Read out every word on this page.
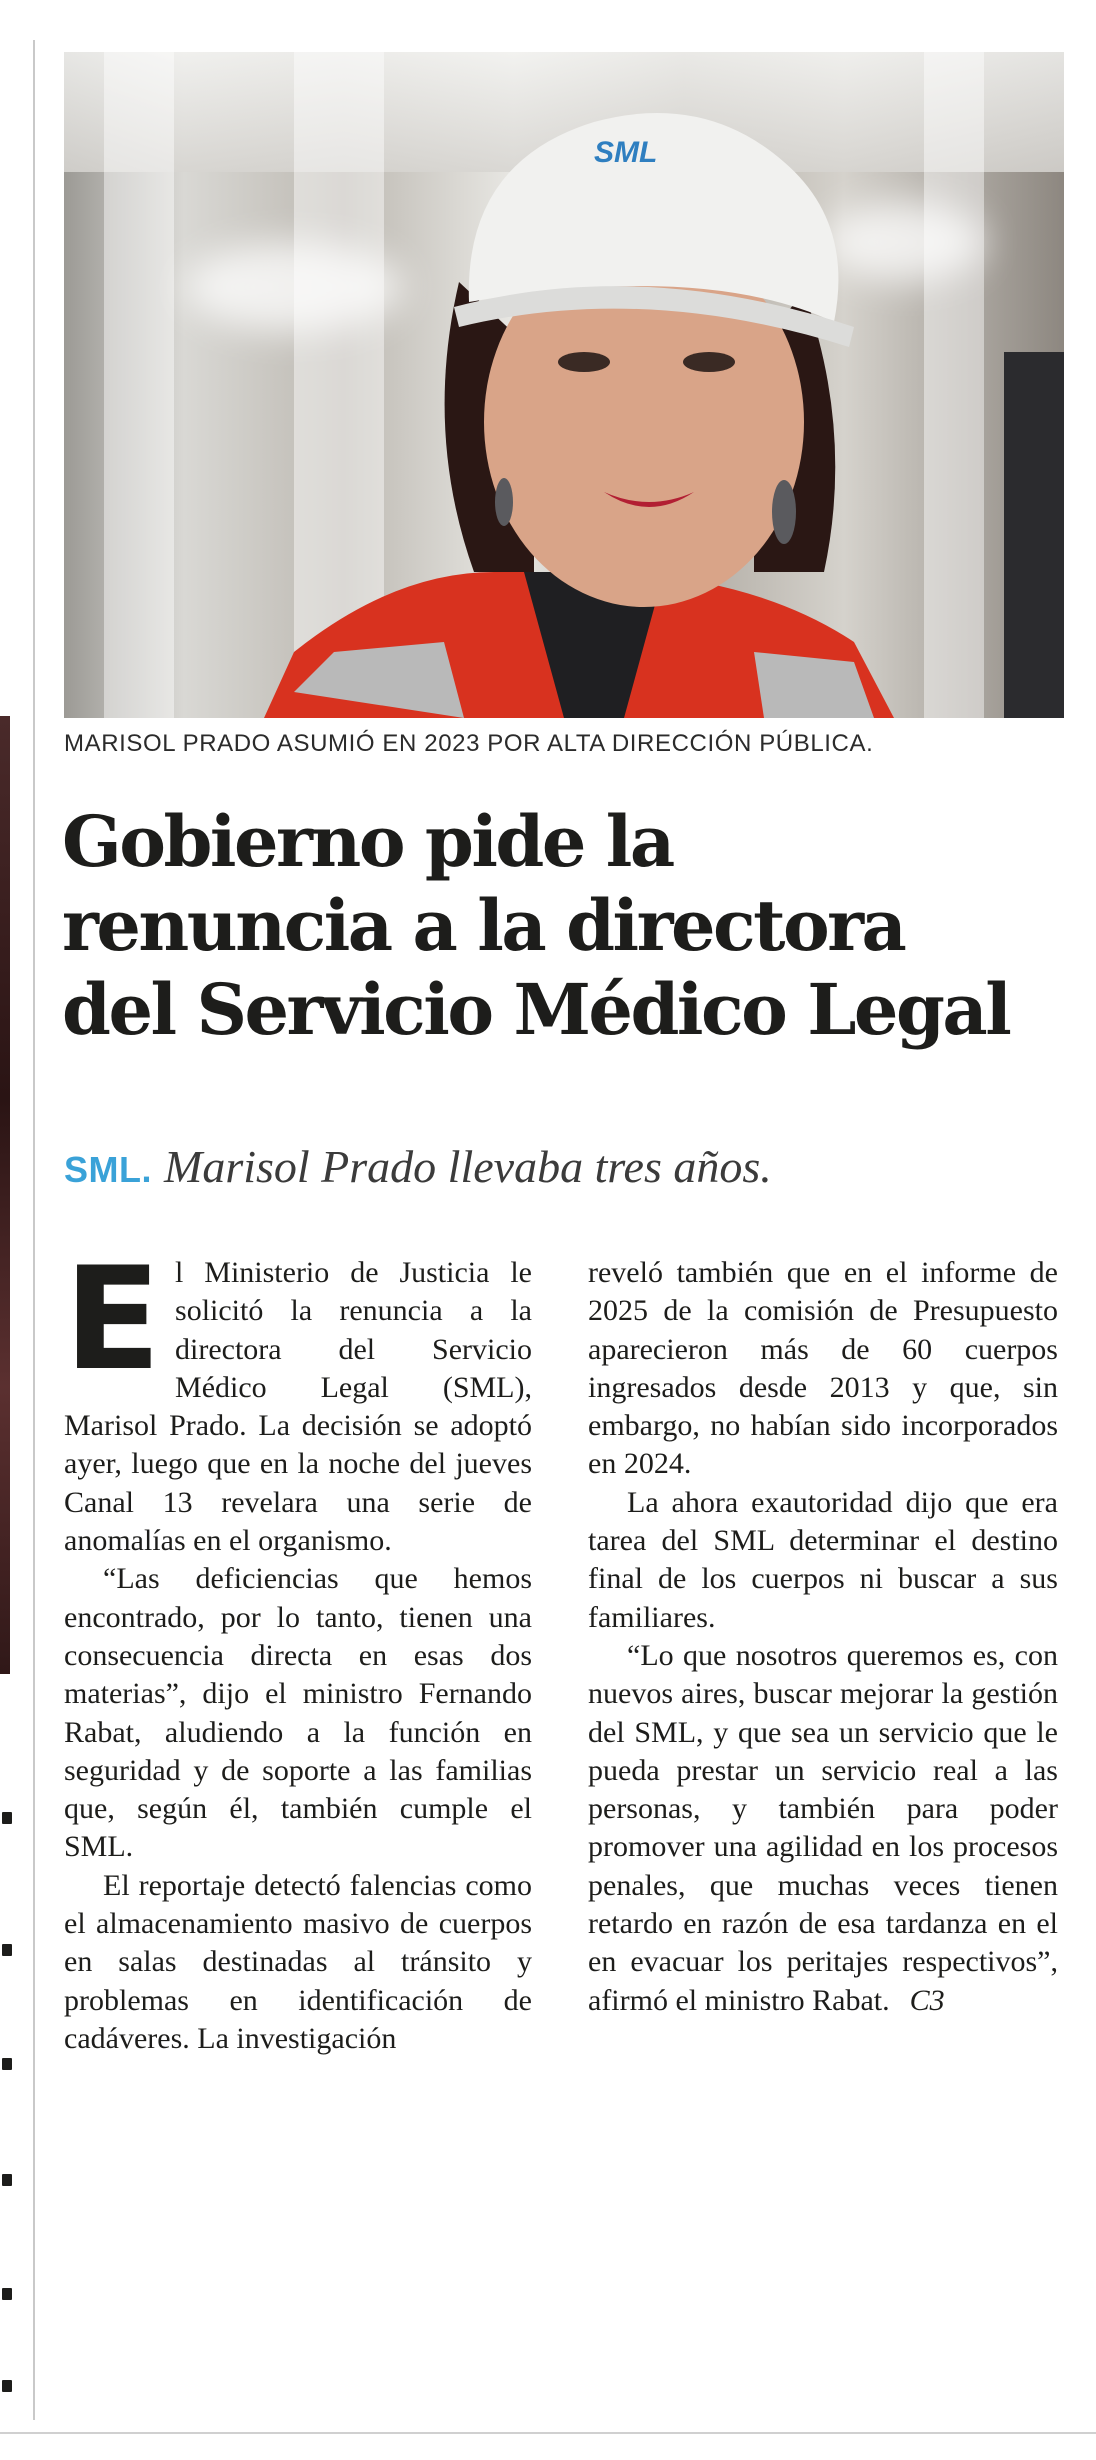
SML
MARISOL PRADO ASUMIÓ EN 2023 POR ALTA DIRECCIÓN PÚBLICA.
Gobierno pide la
renuncia a la directora
del Servicio Médico Legal
SML. Marisol Prado llevaba tres años.

El Ministerio de Justicia le solicitó la renuncia a la directora del Servicio Médico Legal (SML), Marisol Prado. La decisión se adoptó ayer, luego que en la noche del jueves Canal 13 revelara una serie de anomalías en el organismo.

“Las deficiencias que hemos encontrado, por lo tanto, tienen una consecuencia directa en esas dos materias”, dijo el ministro Fernando Rabat, aludiendo a la función en seguridad y de soporte a las familias que, según él, también cumple el SML.

El reportaje detectó falencias como el almacenamiento masivo de cuerpos en salas destinadas al tránsito y problemas en identificación de cadáveres. La investigación

reveló también que en el informe de 2025 de la comisión de Presupuesto aparecieron más de 60 cuerpos ingresados desde 2013 y que, sin embargo, no habían sido incorporados en 2024.

La ahora exautoridad dijo que era tarea del SML determinar el destino final de los cuerpos ni buscar a sus familiares.

“Lo que nosotros queremos es, con nuevos aires, buscar mejorar la gestión del SML, y que sea un servicio que le pueda prestar un servicio real a las personas, y también para poder promover una agilidad en los procesos penales, que muchas veces tienen retardo en razón de esa tardanza en el en evacuar los peritajes respectivos”, afirmó el ministro Rabat. C3
